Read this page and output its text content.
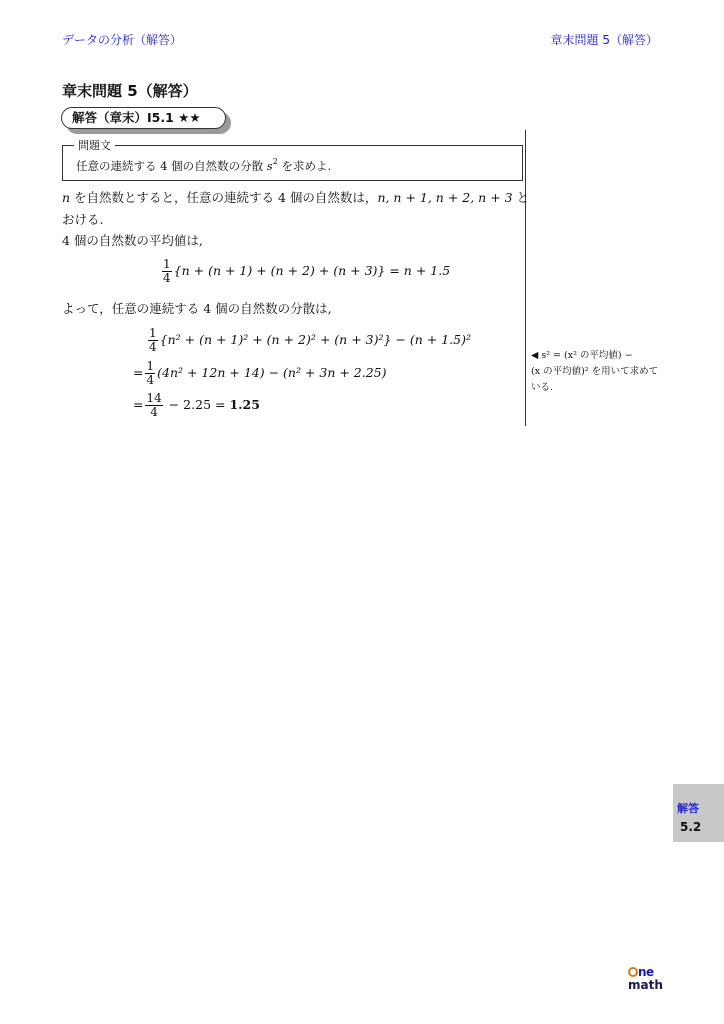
データの分析（解答）	章末問題 5（解答）
章末問題 5（解答）
解答（章末）I5.1 ★★
問題文
任意の連続する 4 個の自然数の分散 $s^2$ を求めよ.
n を自然数とすると，任意の連続する 4 個の自然数は，n, n + 1, n + 2, n + 3 と
おける.
4 個の自然数の平均値は,
$\frac{1}{4} \{n + (n + 1) + (n + 2) + (n + 3)\} = n + 1.5$
よって，任意の連続する 4 個の自然数の分散は,
$\frac{1}{4} \{n^2 + (n + 1)^2 + (n + 2)^2 + (n + 3)^2\} - (n + 1.5)^2$
= $\frac{1}{4} (4n^2 + 12n + 14) - (n^2 + 3n + 2.25)$
= $\frac{14}{4} - 2.25 = 1.25$
◀ s² = (x² の平均値) −
(x の平均値)² を用いて求めて
いる.
解答
5.2
ne
math
